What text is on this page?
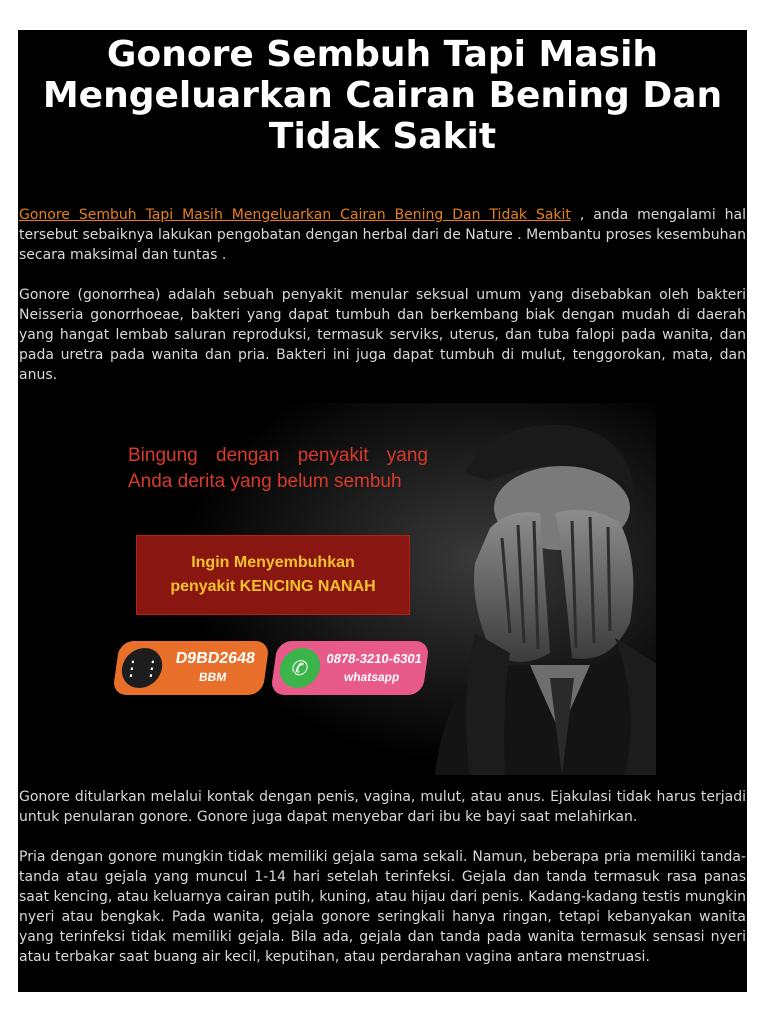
Gonore Sembuh Tapi Masih Mengeluarkan Cairan Bening Dan Tidak Sakit

Gonore Sembuh Tapi Masih Mengeluarkan Cairan Bening Dan Tidak Sakit , anda mengalami hal tersebut sebaiknya lakukan pengobatan dengan herbal dari de Nature . Membantu proses kesembuhan secara maksimal dan tuntas .

Gonore (gonorrhea) adalah sebuah penyakit menular seksual umum yang disebabkan oleh bakteri Neisseria gonorrhoeae, bakteri yang dapat tumbuh dan berkembang biak dengan mudah di daerah yang hangat lembab saluran reproduksi, termasuk serviks, uterus, dan tuba falopi pada wanita, dan pada uretra pada wanita dan pria. Bakteri ini juga dapat tumbuh di mulut, tenggorokan, mata, dan anus.

Bingung dengan penyakit yang Anda derita yang belum sembuh
Ingin Menyembuhkan
penyakit KENCING NANAH
⋮⋮ D9BD2648
BBM	✆	0878-3210-6301
whatsapp

Gonore ditularkan melalui kontak dengan penis, vagina, mulut, atau anus. Ejakulasi tidak harus terjadi untuk penularan gonore. Gonore juga dapat menyebar dari ibu ke bayi saat melahirkan.

Pria dengan gonore mungkin tidak memiliki gejala sama sekali. Namun, beberapa pria memiliki tanda-tanda atau gejala yang muncul 1-14 hari setelah terinfeksi. Gejala dan tanda termasuk rasa panas saat kencing, atau keluarnya cairan putih, kuning, atau hijau dari penis. Kadang-kadang testis mungkin nyeri atau bengkak. Pada wanita, gejala gonore seringkali hanya ringan, tetapi kebanyakan wanita yang terinfeksi tidak memiliki gejala. Bila ada, gejala dan tanda pada wanita termasuk sensasi nyeri atau terbakar saat buang air kecil, keputihan, atau perdarahan vagina antara menstruasi.
